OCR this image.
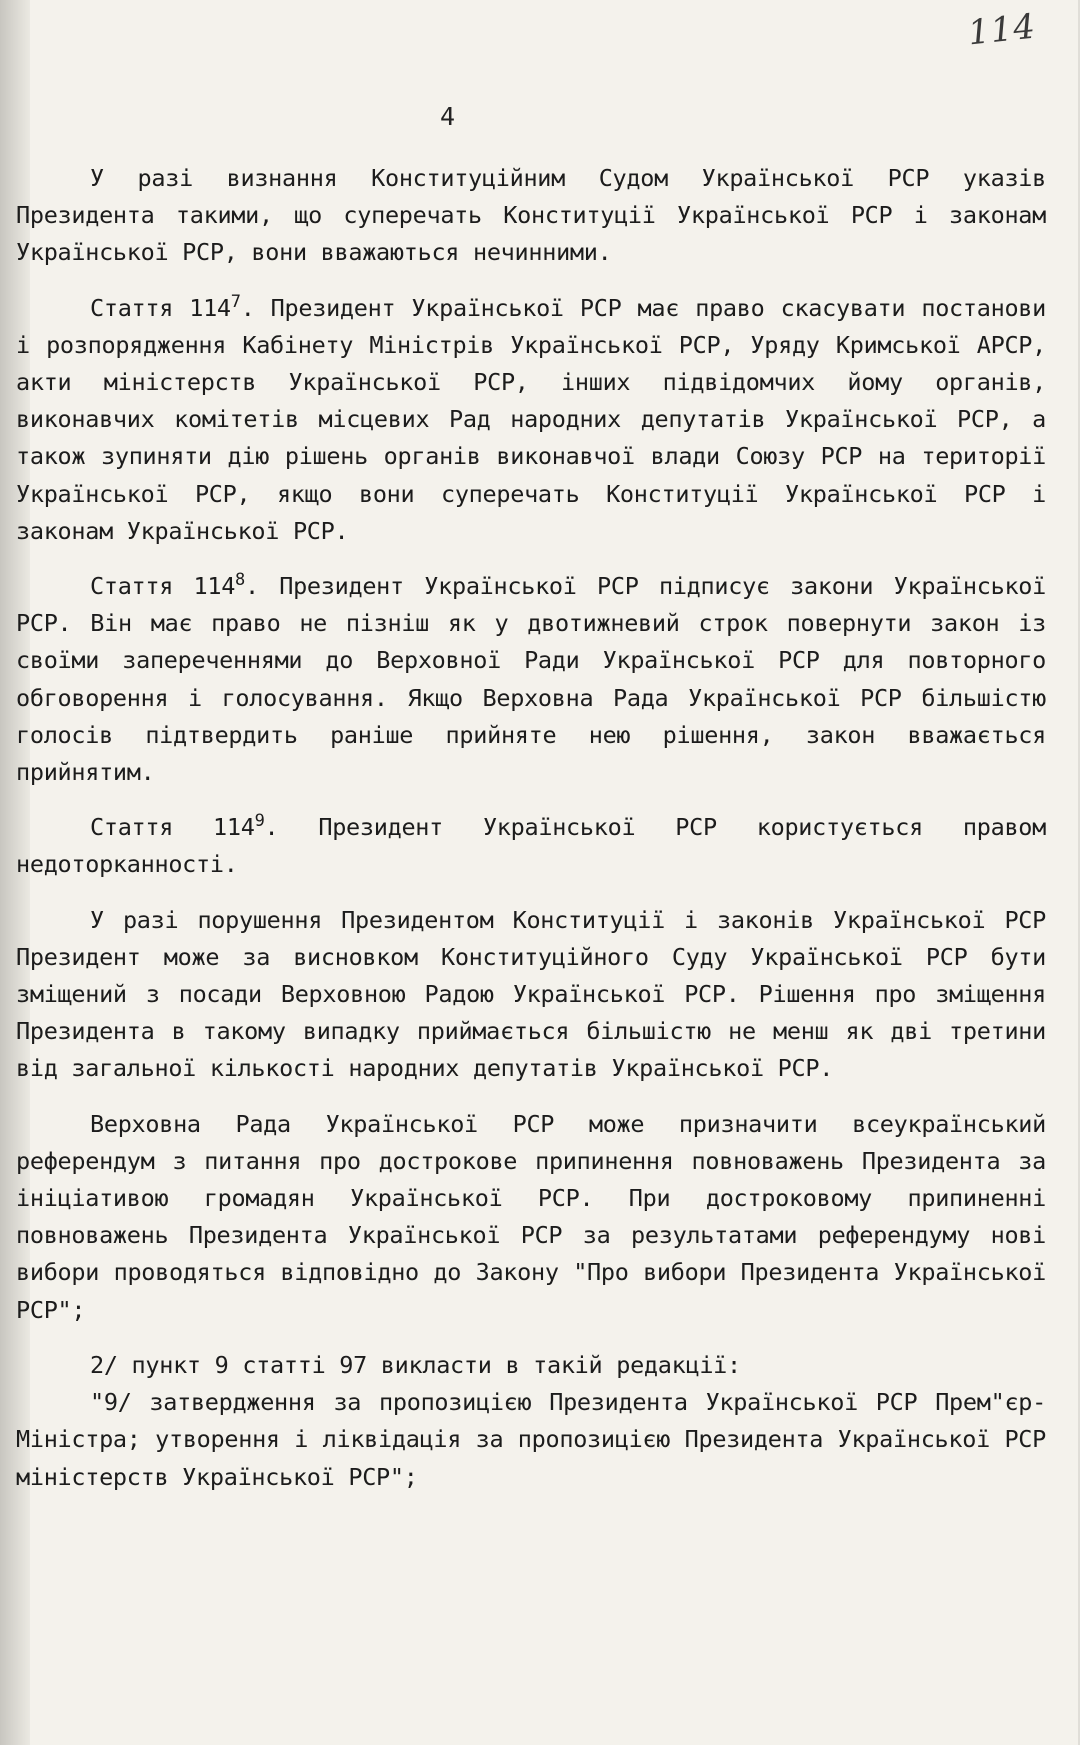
114
4

У разі визнання Конституційним Судом Української РСР указів Президента такими, що суперечать Конституції Української РСР і законам Української РСР, вони вважаються нечинними.

Стаття $114^7$. Президент Української РСР має право скасувати постанови і розпорядження Кабінету Міністрів Української РСР, Уряду Кримської АРСР, акти міністерств Української РСР, інших підвідомчих йому органів, виконавчих комітетів місцевих Рад народних депутатів Української РСР, а також зупиняти дію рішень органів виконавчої влади Союзу РСР на території Української РСР, якщо вони суперечать Конституції Української РСР і законам Української РСР.

Стаття $114^8$. Президент Української РСР підписує закони Української РСР. Він має право не пізніш як у двотижневий строк повернути закон із своїми запереченнями до Верховної Ради Української РСР для повторного обговорення і голосування. Якщо Верховна Рада Української РСР більшістю голосів підтвердить раніше прийняте нею рішення, закон вважається прийнятим.

Стаття $114^9$. Президент Української РСР користується правом недоторканності.

У разі порушення Президентом Конституції і законів Української РСР Президент може за висновком Конституційного Суду Української РСР бути зміщений з посади Верховною Радою Української РСР. Рішення про зміщення Президента в такому випадку приймається більшістю не менш як дві третини від загальної кількості народних депутатів Української РСР.

Верховна Рада Української РСР може призначити всеукраїнський референдум з питання про дострокове припинення повноважень Президента за ініціативою громадян Української РСР. При достроковому припиненні повноважень Президента Української РСР за результатами референдуму нові вибори проводяться відповідно до Закону "Про вибори Президента Української РСР";

2/ пункт 9 статті 97 викласти в такій редакції:

"9/ затвердження за пропозицією Президента Української РСР Прем"єр-Міністра; утворення і ліквідація за пропозицією Президента Української РСР міністерств Української РСР";
